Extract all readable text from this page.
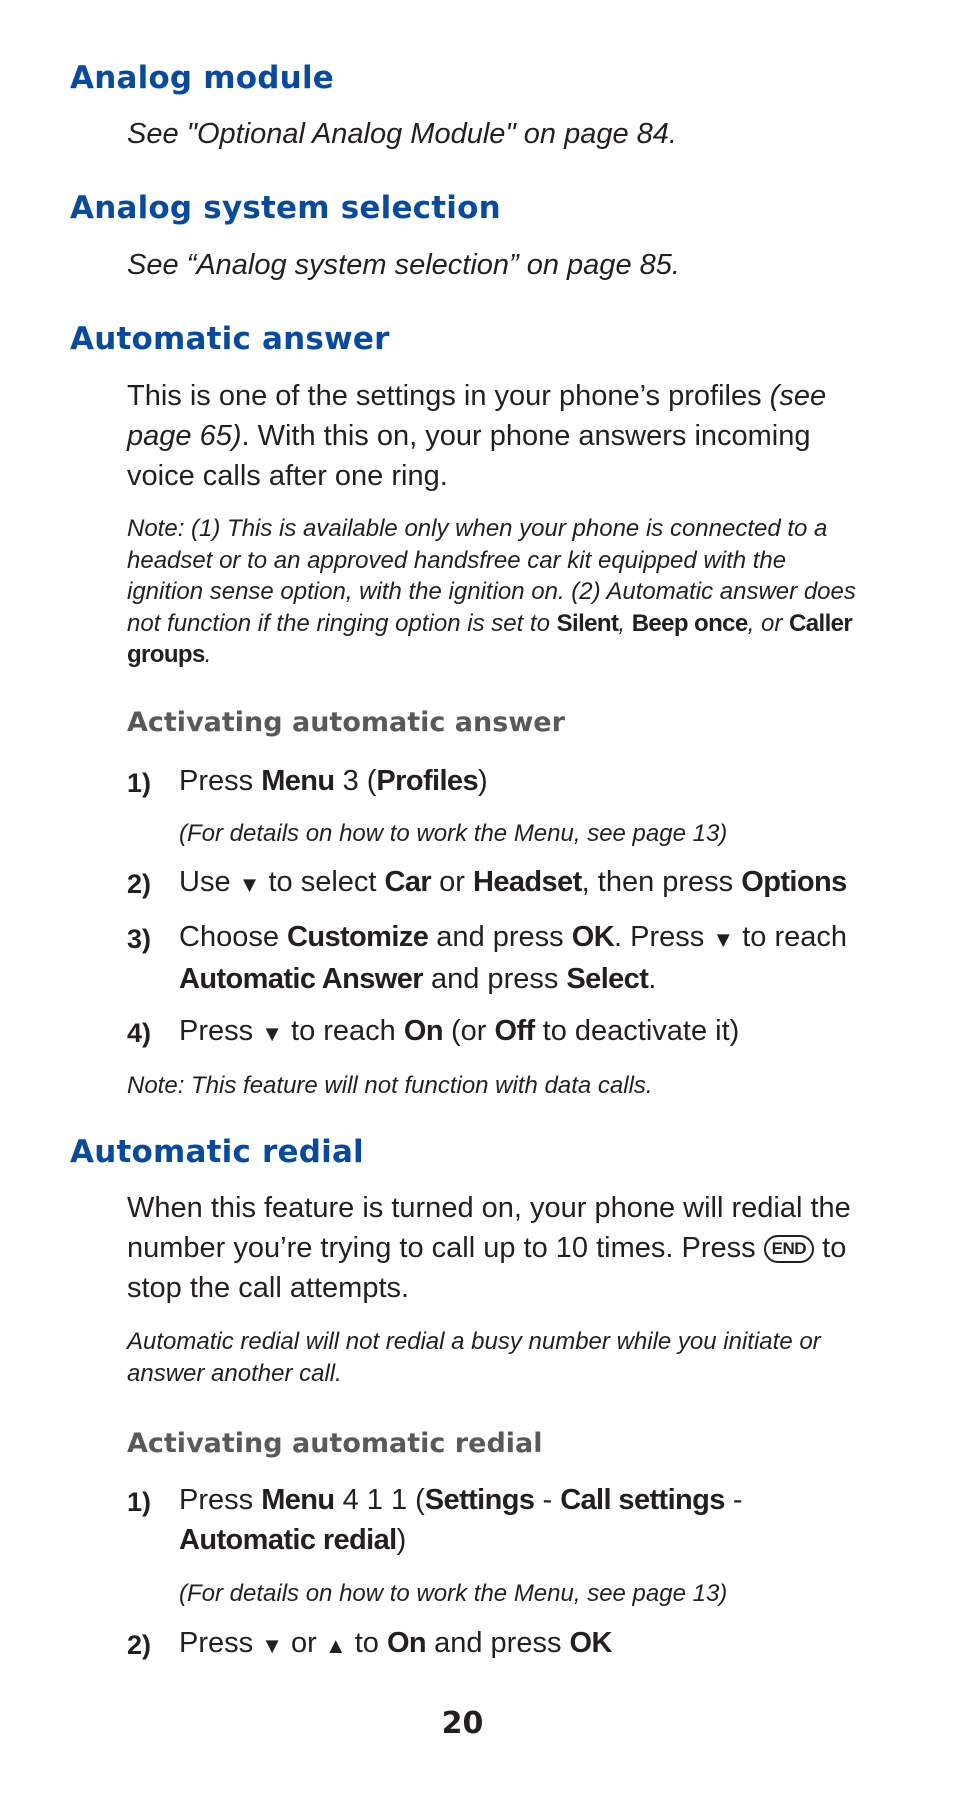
Analog module

See "Optional Analog Module" on page 84.

Analog system selection

See “Analog system selection” on page 85.

Automatic answer

This is one of the settings in your phone’s profiles (see page 65). With this on, your phone answers incoming voice calls after one ring.

Note: (1) This is available only when your phone is connected to a headset or to an approved handsfree car kit equipped with the ignition sense option, with the ignition on. (2) Automatic answer does not function if the ringing option is set to Silent, Beep once, or Caller groups.

Activating automatic answer
1) Press Menu 3 (Profiles)

(For details on how to work the Menu, see page 13)

2) Use ▼ to select Car or Headset, then press Options
3) Choose Customize and press OK. Press ▼ to reach Automatic Answer and press Select.
4) Press ▼ to reach On (or Off to deactivate it)

Note: This feature will not function with data calls.

Automatic redial

When this feature is turned on, your phone will redial the number you’re trying to call up to 10 times. Press END to stop the call attempts.

Automatic redial will not redial a busy number while you initiate or answer another call.

Activating automatic redial
1) Press Menu 4 1 1 (Settings - Call settings - Automatic redial)

(For details on how to work the Menu, see page 13)

2) Press ▼ or ▲ to On and press OK

20
